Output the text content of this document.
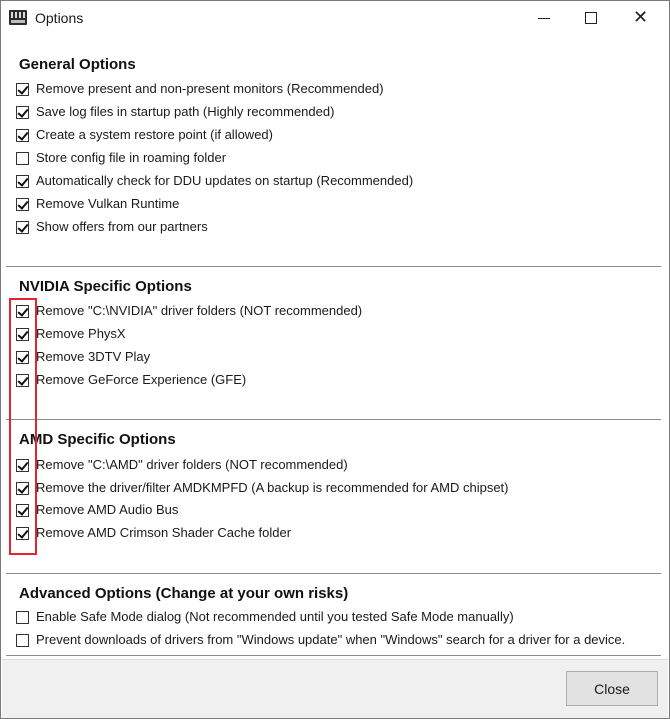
Options	✕
General Options
Remove present and non-present monitors (Recommended)
Save log files in startup path (Highly recommended)
Create a system restore point (if allowed)
Store config file in roaming folder
Automatically check for DDU updates on startup (Recommended)
Remove Vulkan Runtime
Show offers from our partners
NVIDIA Specific Options
Remove "C:\NVIDIA" driver folders (NOT recommended)
Remove PhysX
Remove 3DTV Play
Remove GeForce Experience (GFE)
AMD Specific Options
Remove "C:\AMD" driver folders (NOT recommended)
Remove the driver/filter AMDKMPFD (A backup is recommended for AMD chipset)
Remove AMD Audio Bus
Remove AMD Crimson Shader Cache folder
Advanced Options (Change at your own risks)
Enable Safe Mode dialog (Not recommended until you tested Safe Mode manually)
Prevent downloads of drivers from "Windows update" when "Windows" search for a driver for a device.
Close
